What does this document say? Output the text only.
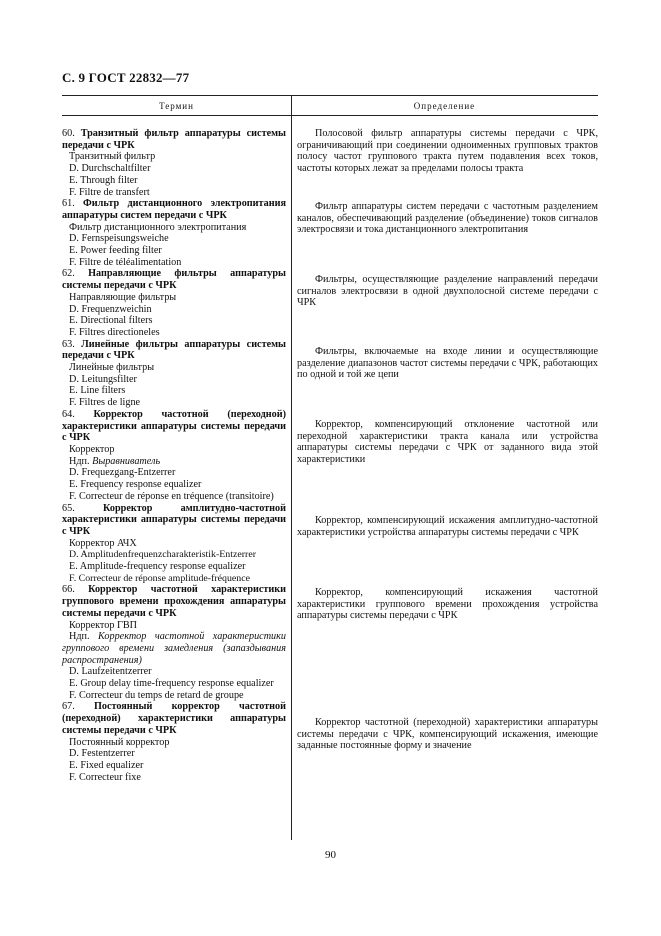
С. 9 ГОСТ 22832—77
Термин	Определение
60. Транзитный фильтр аппаратуры системы передачи с ЧРК
Транзитный фильтр
D. Durchschaltfilter
E. Through filter
F. Filtre de transfert
61. Фильтр дистанционного электропитания аппаратуры систем передачи с ЧРК
Фильтр дистанционного электропитания
D. Fernspeisungsweiche
E. Power feeding filter
F. Filtre de téléalimentation
62. Направляющие фильтры аппаратуры системы передачи с ЧРК
Направляющие фильтры
D. Frequenzweichin
E. Directional filters
F. Filtres directioneles
63. Линейные фильтры аппаратуры системы передачи с ЧРК
Линейные фильтры
D. Leitungsfilter
E. Line filters
F. Filtres de ligne
64. Корректор частотной (переходной) характеристики аппаратуры системы передачи с ЧРК
Корректор
Ндп. Выравниватель
D. Frequezgang-Entzerrer
E. Frequency response equalizer
F. Correcteur de réponse en tréquence (transitoire)
65.	Корректор амплитудно-частотной характеристики аппаратуры системы передачи с ЧРК
Корректор АЧХ
D. Amplitudenfrequenzcharakteristik-Entzerrer
E. Amplitude-frequency response equalizer
F. Correcteur de réponse amplitude-fréquence
66. Корректор частотной характеристики группового времени прохождения аппаратуры системы передачи с ЧРК
Корректор ГВП
Ндп. Корректор частотной характеристики группового времени замедления (запаздывания распространения)
D. Laufzeitentzerrer
E. Group delay time-frequency response equalizer
F. Correcteur du temps de retard de groupe
67. Постоянный корректор частотной (переходной) характеристики аппаратуры системы передачи с ЧРК
Постоянный корректор
D. Festentzerrer
E. Fixed equalizer
F. Correcteur fixe
Полосовой фильтр аппаратуры системы передачи с ЧРК, ограничивающий при соединении одноименных групповых трактов полосу частот группового тракта путем подавления всех токов, частоты которых лежат за пределами полосы тракта
Фильтр аппаратуры систем передачи с частотным разделением каналов, обеспечивающий разделение (объединение) токов сигналов электросвязи и тока дистанционного электропитания
Фильтры, осуществляющие разделение направлений передачи сигналов электросвязи в одной двухполосной системе передачи с ЧРК
Фильтры, включаемые на входе линии и осуществляющие разделение диапазонов частот системы передачи с ЧРК, работающих по одной и той же цепи
Корректор, компенсирующий отклонение частотной или переходной характеристики тракта канала или устройства аппаратуры системы передачи с ЧРК от заданного вида этой характеристики
Корректор, компенсирующий искажения амплитудно-частотной характеристики устройства аппаратуры системы передачи с ЧРК
Корректор, компенсирующий искажения частотной характеристики группового времени прохождения устройства аппаратуры системы передачи с ЧРК
Корректор частотной (переходной) характеристики аппаратуры системы передачи с ЧРК, компенсирующий искажения, имеющие заданные постоянные форму и значение
90
